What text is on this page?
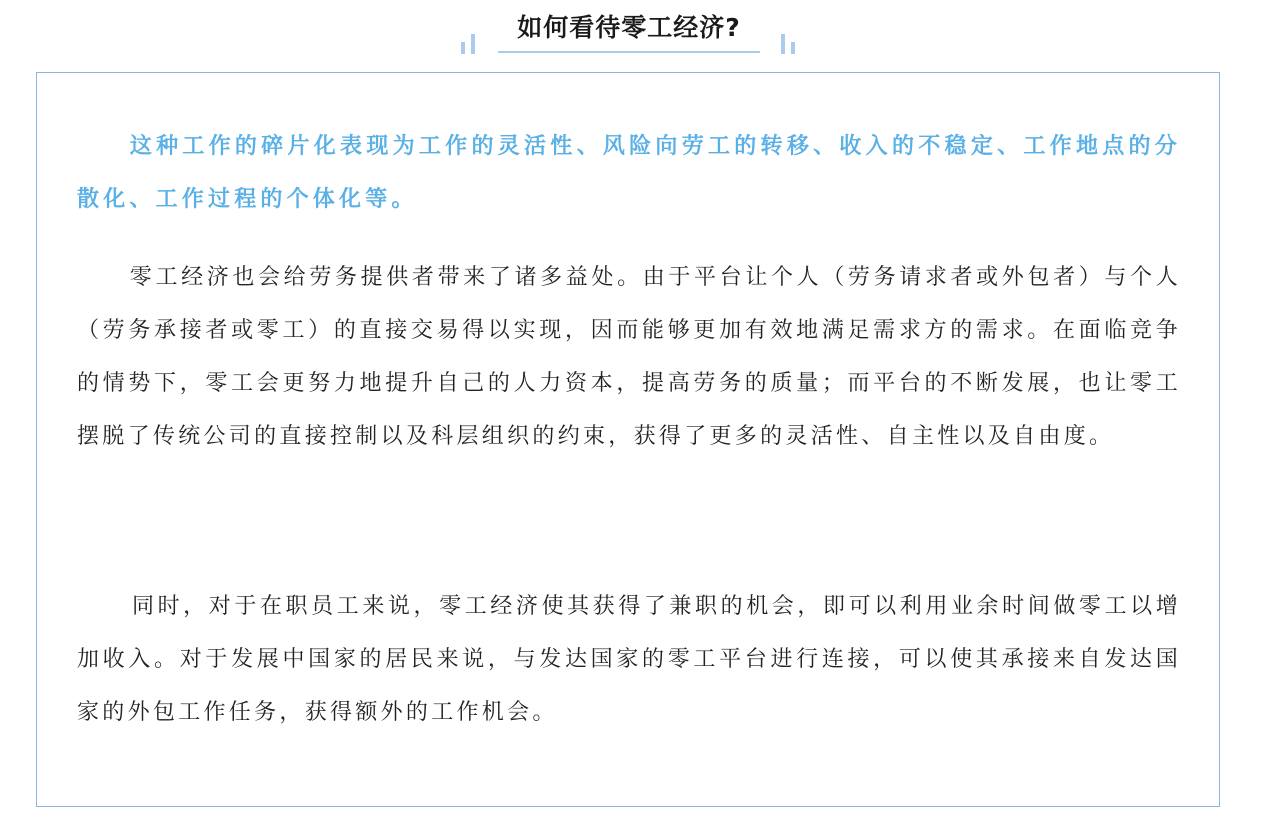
如何看待零工经济?

这种工作的碎片化表现为工作的灵活性、风险向劳工的转移、收入的不稳定、工作地点的分散化、工作过程的个体化等。

零工经济也会给劳务提供者带来了诸多益处。由于平台让个人（劳务请求者或外包者）与个人（劳务承接者或零工）的直接交易得以实现，因而能够更加有效地满足需求方的需求。在面临竞争的情势下，零工会更努力地提升自己的人力资本，提高劳务的质量；而平台的不断发展，也让零工摆脱了传统公司的直接控制以及科层组织的约束，获得了更多的灵活性、自主性以及自由度。

同时，对于在职员工来说，零工经济使其获得了兼职的机会，即可以利用业余时间做零工以增加收入。对于发展中国家的居民来说，与发达国家的零工平台进行连接，可以使其承接来自发达国家的外包工作任务，获得额外的工作机会。
